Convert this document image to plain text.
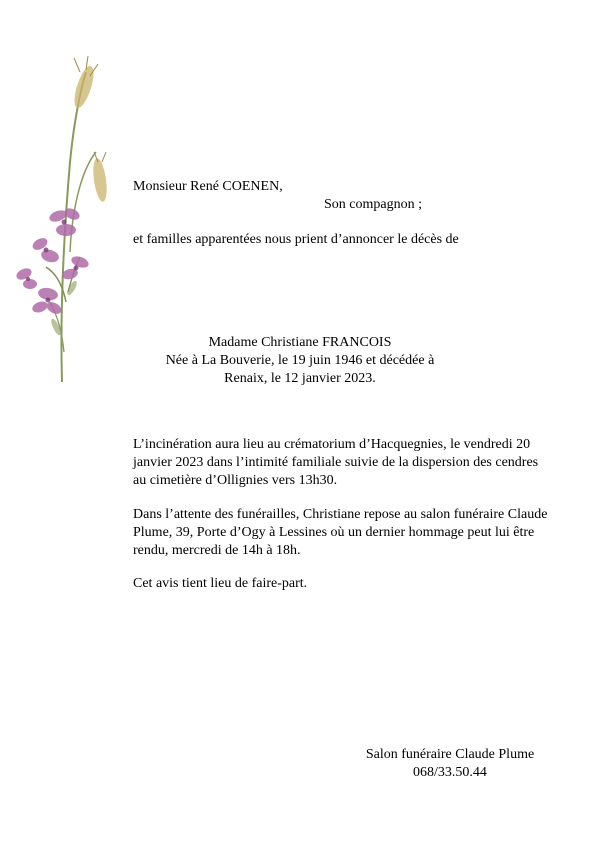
Monsieur René COENEN,
Son compagnon ;
et familles apparentées nous prient d’annoncer le décès de
Madame Christiane FRANCOIS
Née à La Bouverie, le 19 juin 1946 et décédée à
Renaix, le 12 janvier 2023.
L’incinération aura lieu au crématorium d’Hacquegnies, le vendredi 20
janvier 2023 dans l’intimité familiale suivie de la dispersion des cendres
au cimetière d’Ollignies vers 13h30.
Dans l’attente des funérailles, Christiane repose au salon funéraire Claude
Plume, 39, Porte d’Ogy à Lessines où un dernier hommage peut lui être
rendu, mercredi de 14h à 18h.
Cet avis tient lieu de faire-part.
Salon funéraire Claude Plume
068/33.50.44
